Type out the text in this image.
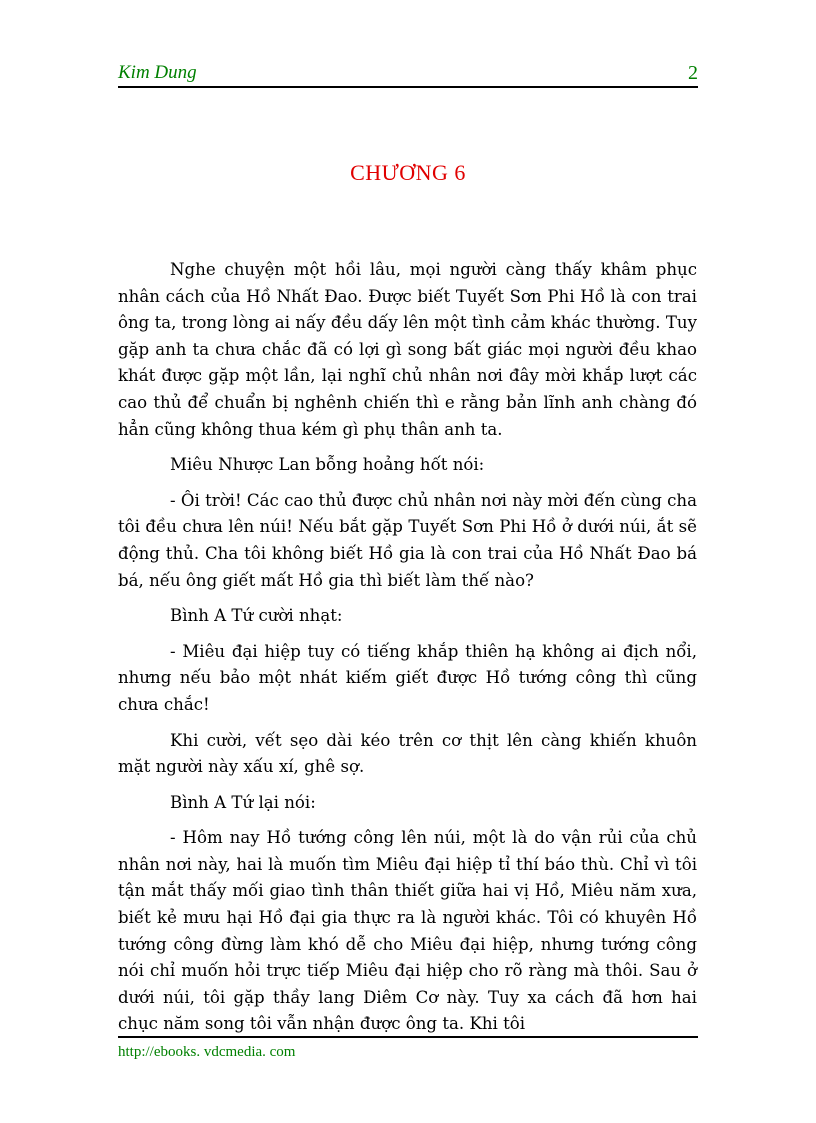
Kim Dung	2
CHƯƠNG 6

Nghe chuyện một hồi lâu, mọi người càng thấy khâm phục nhân cách của Hồ Nhất Đao. Được biết Tuyết Sơn Phi Hồ là con trai ông ta, trong lòng ai nấy đều dấy lên một tình cảm khác thường. Tuy gặp anh ta chưa chắc đã có lợi gì song bất giác mọi người đều khao khát được gặp một lần, lại nghĩ chủ nhân nơi đây mời khắp lượt các cao thủ để chuẩn bị nghênh chiến thì e rằng bản lĩnh anh chàng đó hẳn cũng không thua kém gì phụ thân anh ta.

Miêu Nhược Lan bỗng hoảng hốt nói:

- Ôi trời! Các cao thủ được chủ nhân nơi này mời đến cùng cha tôi đều chưa lên núi! Nếu bắt gặp Tuyết Sơn Phi Hồ ở dưới núi, ắt sẽ động thủ. Cha tôi không biết Hồ gia là con trai của Hồ Nhất Đao bá bá, nếu ông giết mất Hồ gia thì biết làm thế nào?

Bình A Tứ cười nhạt:

- Miêu đại hiệp tuy có tiếng khắp thiên hạ không ai địch nổi, nhưng nếu bảo một nhát kiếm giết được Hồ tướng công thì cũng chưa chắc!

Khi cười, vết sẹo dài kéo trên cơ thịt lên càng khiến khuôn mặt người này xấu xí, ghê sợ.

Bình A Tứ lại nói:

- Hôm nay Hồ tướng công lên núi, một là do vận rủi của chủ nhân nơi này, hai là muốn tìm Miêu đại hiệp tỉ thí báo thù. Chỉ vì tôi tận mắt thấy mối giao tình thân thiết giữa hai vị Hồ, Miêu năm xưa, biết kẻ mưu hại Hồ đại gia thực ra là người khác. Tôi có khuyên Hồ tướng công đừng làm khó dễ cho Miêu đại hiệp, nhưng tướng công nói chỉ muốn hỏi trực tiếp Miêu đại hiệp cho rõ ràng mà thôi. Sau ở dưới núi, tôi gặp thầy lang Diêm Cơ này. Tuy xa cách đã hơn hai chục năm song tôi vẫn nhận được ông ta. Khi tôi

http://ebooks. vdcmedia. com
